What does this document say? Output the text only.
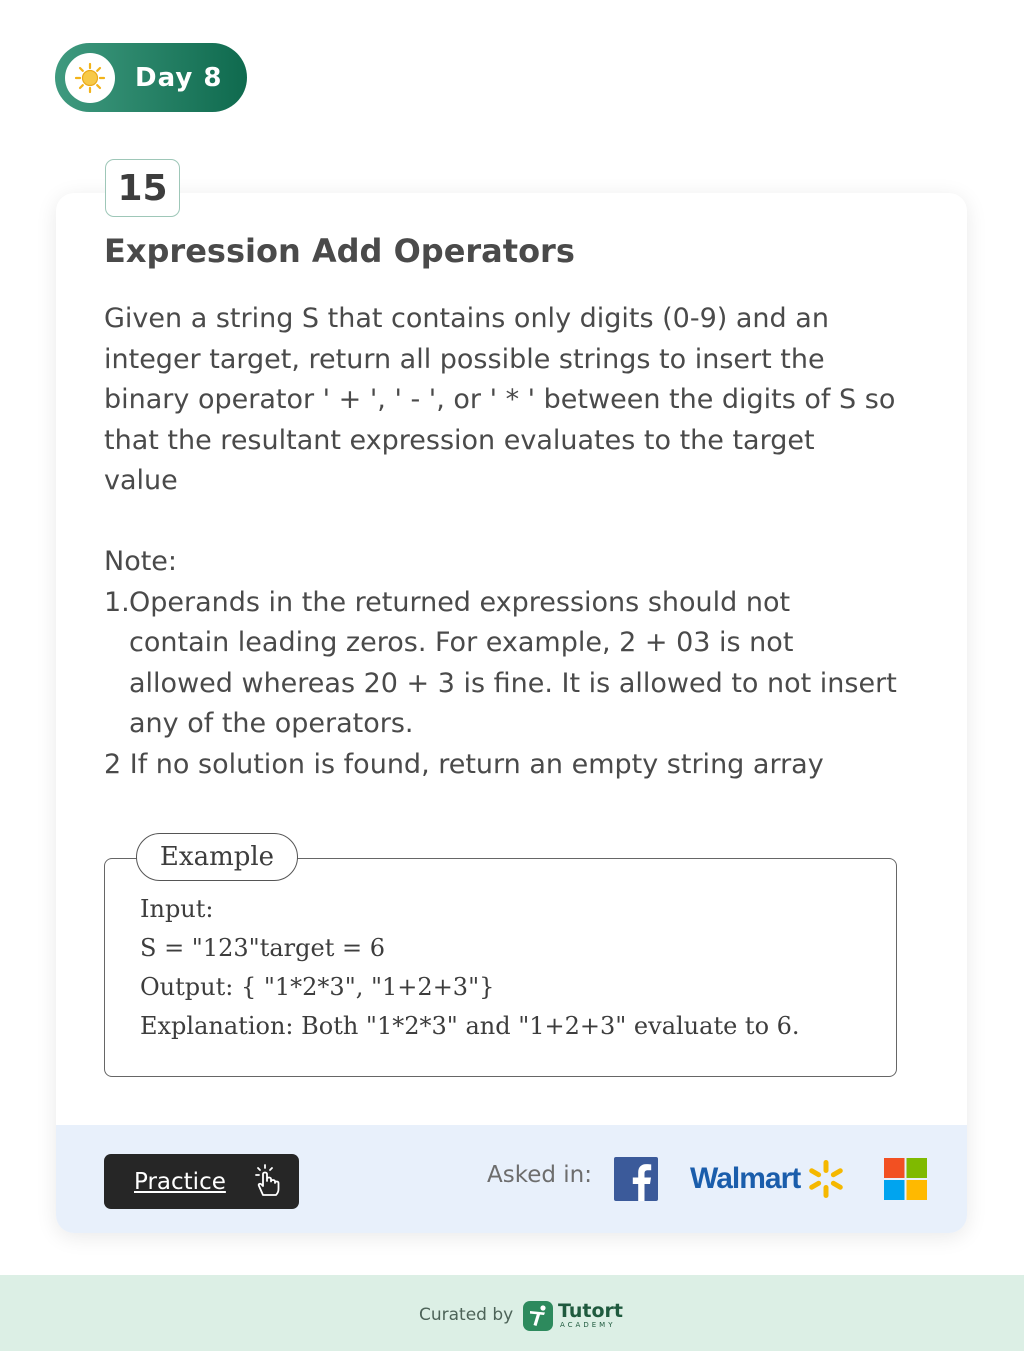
Day 8
15
Expression Add Operators

Given a string S that contains only digits (0-9) and an

integer target, return all possible strings to insert the

binary operator ' + ', ' - ', or ' * ' between the digits of S so

that the resultant expression evaluates to the target

value

Note:

1. Operands in the returned expressions should not
contain leading zeros. For example, 2 + 03 is not
allowed whereas 20 + 3 is fine. It is allowed to not insert
any of the operators.

2 If no solution is found, return an empty string array

Example
Input:
S = "123"target = 6
Output: { "1*2*3", "1+2+3"}
Explanation: Both "1*2*3" and "1+2+3" evaluate to 6.
Practice	Asked in:	Walmart
Curated by Tutort
ACADEMY
